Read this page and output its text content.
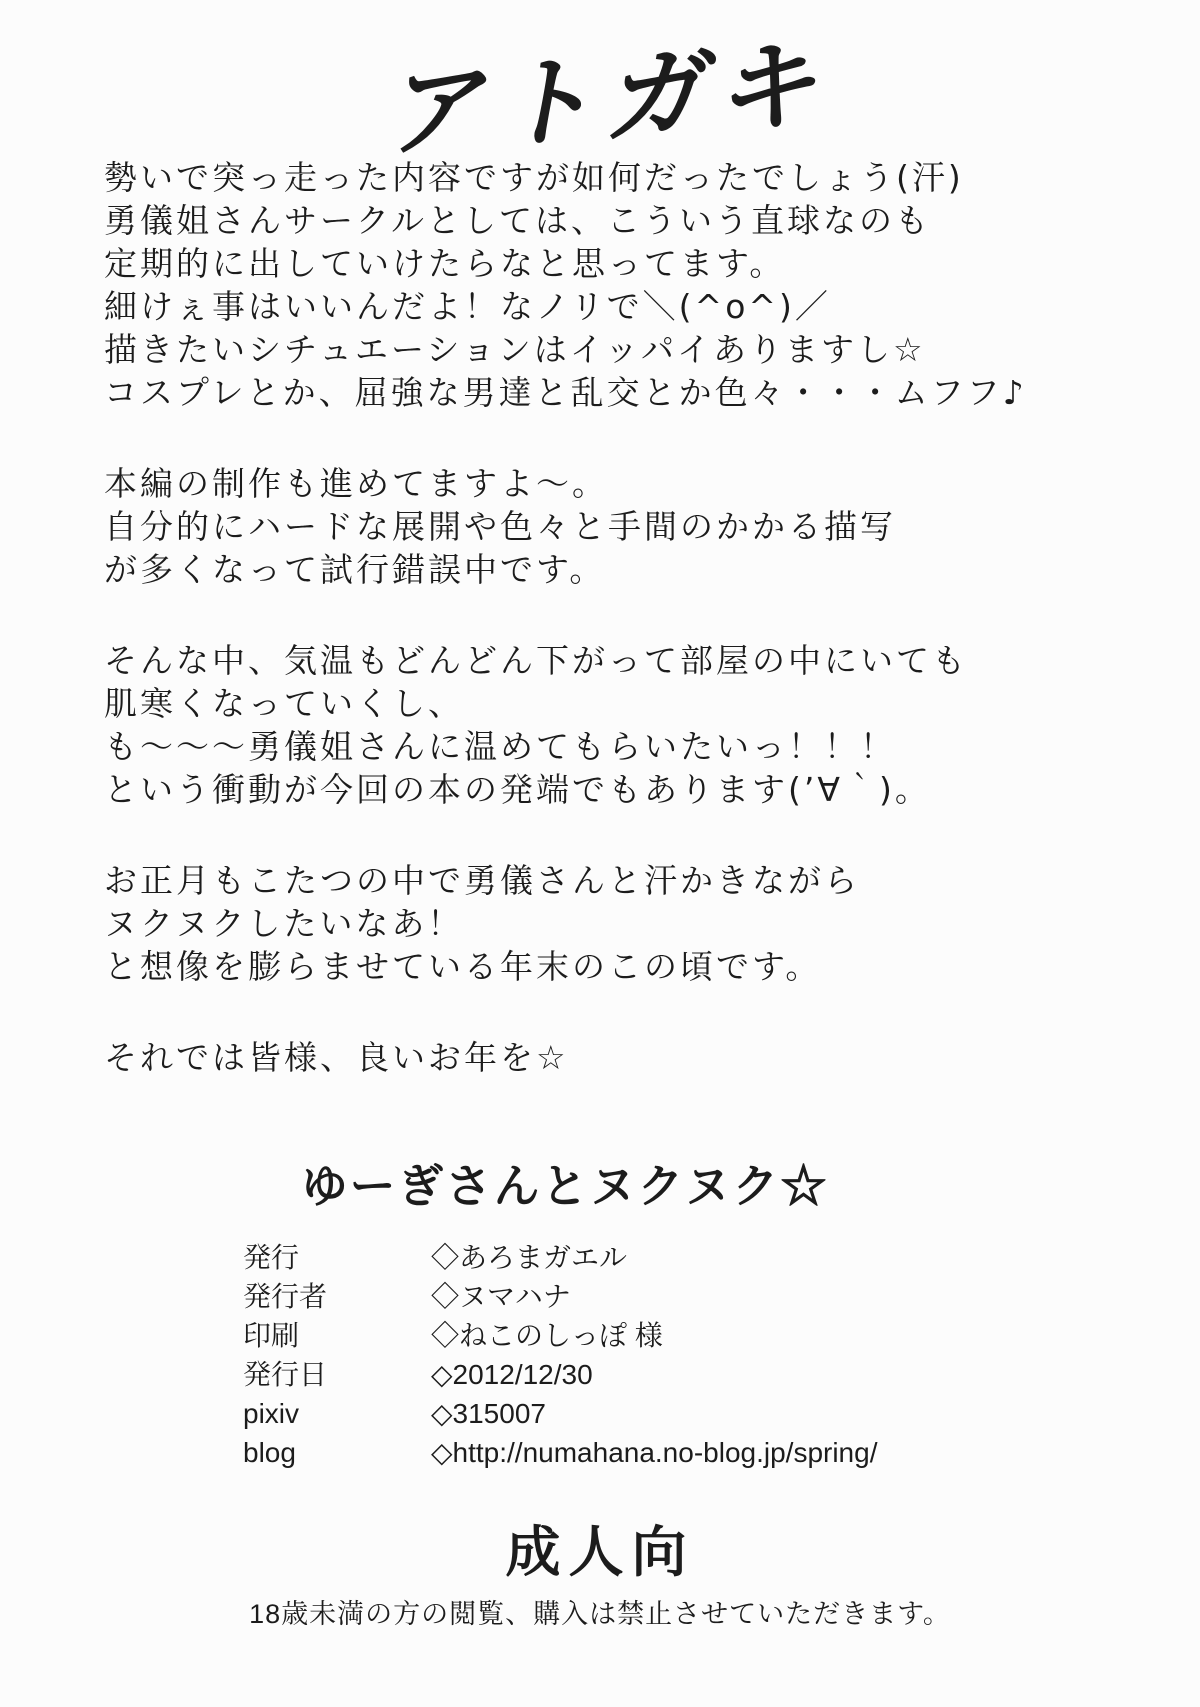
アトガキ
勢いで突っ走った内容ですが如何だったでしょう(汗)
勇儀姐さんサークルとしては、こういう直球なのも
定期的に出していけたらなと思ってます。
細けぇ事はいいんだよ！なノリで＼(^o^)／
描きたいシチュエーションはイッパイありますし☆
コスプレとか、屈強な男達と乱交とか色々・・・ムフフ♪
本編の制作も進めてますよ～。
自分的にハードな展開や色々と手間のかかる描写
が多くなって試行錯誤中です。
そんな中、気温もどんどん下がって部屋の中にいても
肌寒くなっていくし、
も～～～勇儀姐さんに温めてもらいたいっ！！！
という衝動が今回の本の発端でもあります(’∀｀)。
お正月もこたつの中で勇儀さんと汗かきながら
ヌクヌクしたいなあ！
と想像を膨らませている年末のこの頃です。
それでは皆様、良いお年を☆
ゆーぎさんとヌクヌク☆
発行	◇あろまガエル
発行者	◇ヌマハナ
印刷	◇ねこのしっぽ 様
発行日	◇2012/12/30
pixiv	◇315007
blog	◇http://numahana.no-blog.jp/spring/
成人向
18歳未満の方の閲覧、購入は禁止させていただきます。
